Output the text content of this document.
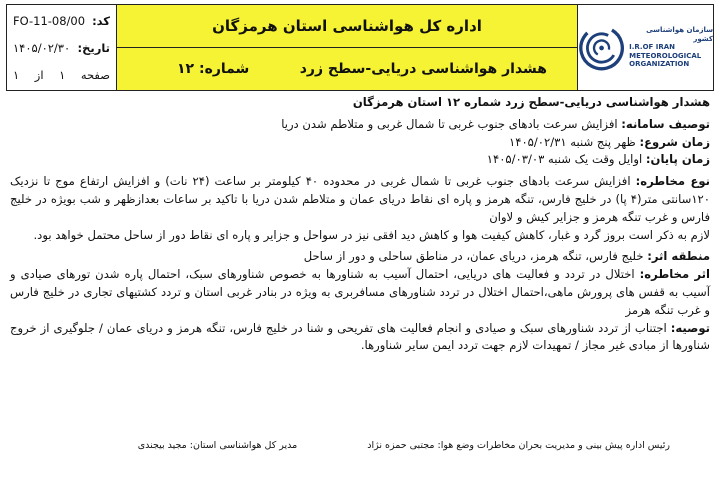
کد:
FO-11-08/00
تاریخ:
۱۴۰۵/۰۲/۳۰
صفحه
۱
از
۱
اداره کل هواشناسی استان هرمزگان
هشدار هواشناسی دریایی-سطح زرد
شماره: ۱۲
سازمان هواشناسی کشور
I.R.OF IRAN
METEOROLOGICAL
ORGANIZATION

هشدار هواشناسی دریایی-سطح زرد شماره ۱۲ استان هرمزگان

توصیف سامانه: افزایش سرعت بادهای جنوب غربی تا شمال غربی و متلاطم شدن دریا

زمان شروع: ظهر پنج شنبه ۱۴۰۵/۰۲/۳۱

زمان پایان: اوایل وقت یک شنبه ۱۴۰۵/۰۳/۰۳

نوع مخاطره: افزایش سرعت بادهای جنوب غربی تا شمال غربی در محدوده ۴۰ کیلومتر بر ساعت (۲۴ نات) و افزایش ارتفاع موج تا نزدیک ۱۲۰سانتی متر(۴ پا) در خلیج فارس، تنگه هرمز و پاره ای نقاط دریای عمان و متلاطم شدن دریا با تاکید بر ساعات بعدازظهر و شب بویژه در خلیج فارس و غرب تنگه هرمز و جزایر کیش و لاوان

لازم به ذکر است بروز گرد و غبار، کاهش کیفیت هوا و کاهش دید افقی نیز در سواحل و جزایر و پاره ای نقاط دور از ساحل محتمل خواهد بود.

منطقه اثر: خلیج فارس، تنگه هرمز، دریای عمان، در مناطق ساحلی و دور از ساحل

اثر مخاطره: اختلال در تردد و فعالیت های دریایی، احتمال آسیب به شناورها به خصوص شناورهای سبک، احتمال پاره شدن تورهای صیادی و آسیب به قفس های پرورش ماهی،احتمال اختلال در تردد شناورهای مسافربری به ویژه در بنادر غربی استان و تردد کشتیهای تجاری در خلیج فارس و غرب تنگه هرمز

توصیه: اجتناب از تردد شناورهای سبک و صیادی و انجام فعالیت های تفریحی و شنا در خلیج فارس، تنگه هرمز و دریای عمان / جلوگیری از خروج شناورها از مبادی غیر مجاز / تمهیدات لازم جهت تردد ایمن سایر شناورها.

رئیس اداره پیش بینی و مدیریت بحران مخاطرات وضع هوا: مجتبی حمزه نژاد
مدیر کل هواشناسی استان: مجید بیجندی
